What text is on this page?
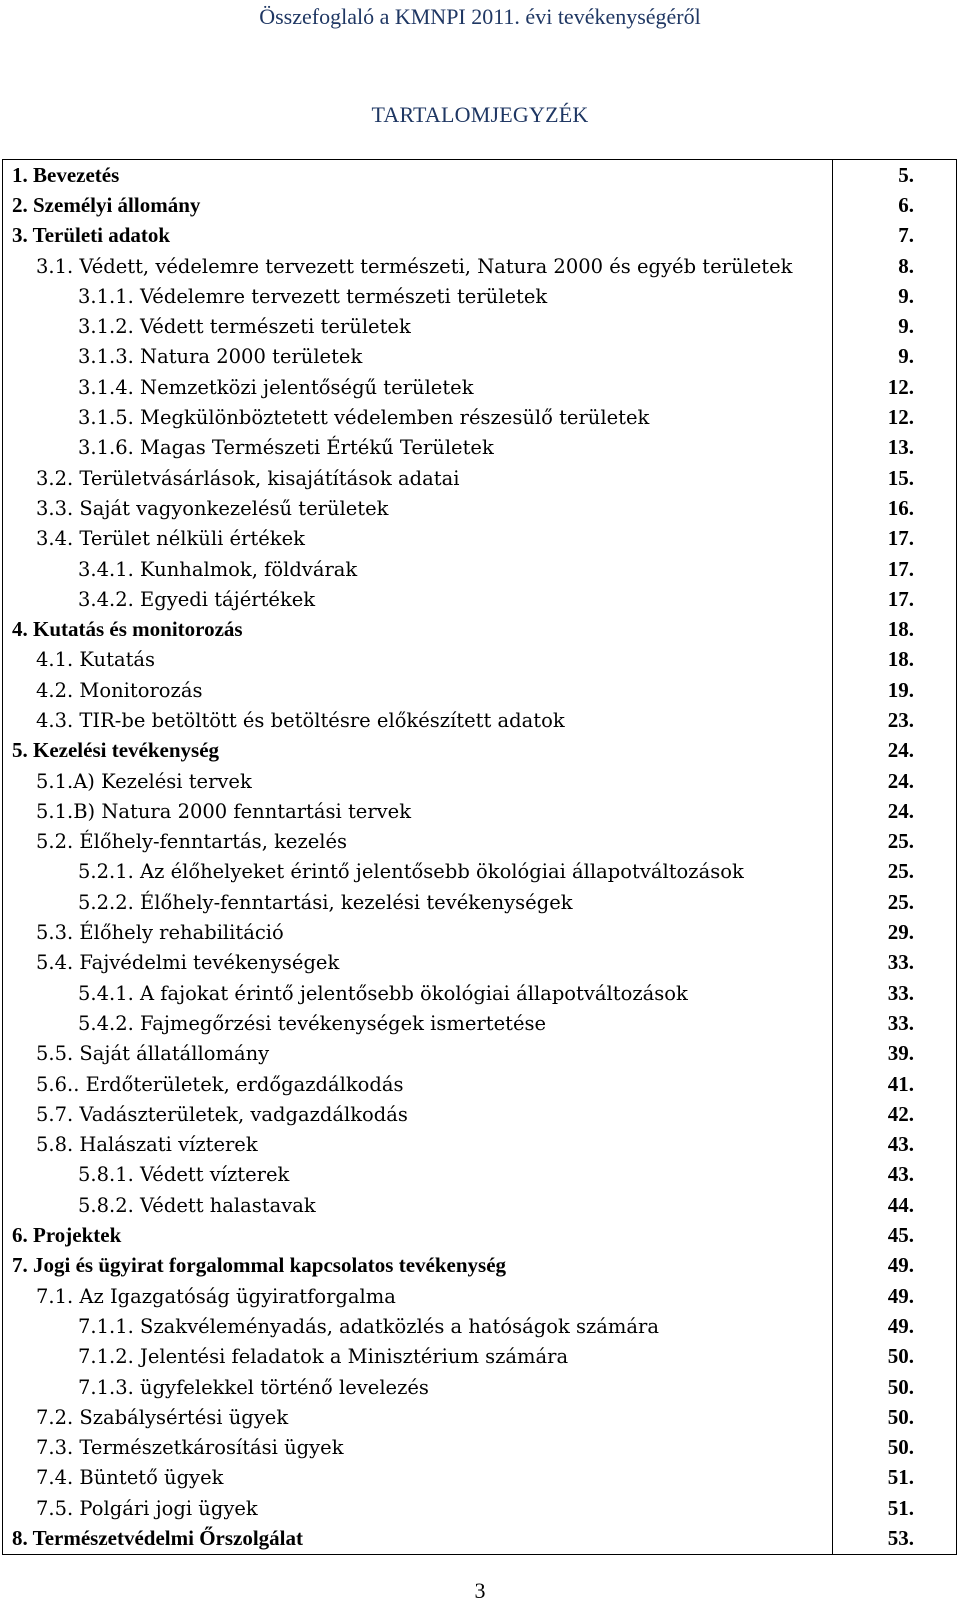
Összefoglaló a KMNPI 2011. évi tevékenységéről
TARTALOMJEGYZÉK
1. Bevezetés	5.
2. Személyi állomány	6.
3. Területi adatok	7.
3.1. Védett, védelemre tervezett természeti, Natura 2000 és egyéb területek	8.
3.1.1. Védelemre tervezett természeti területek	9.
3.1.2. Védett természeti területek	9.
3.1.3. Natura 2000 területek	9.
3.1.4. Nemzetközi jelentőségű területek	12.
3.1.5. Megkülönböztetett védelemben részesülő területek	12.
3.1.6. Magas Természeti Értékű Területek	13.
3.2. Területvásárlások, kisajátítások adatai	15.
3.3. Saját vagyonkezelésű területek	16.
3.4. Terület nélküli értékek	17.
3.4.1. Kunhalmok, földvárak	17.
3.4.2. Egyedi tájértékek	17.
4. Kutatás és monitorozás	18.
4.1. Kutatás	18.
4.2. Monitorozás	19.
4.3. TIR-be betöltött és betöltésre előkészített adatok	23.
5. Kezelési tevékenység	24.
5.1.A) Kezelési tervek	24.
5.1.B) Natura 2000 fenntartási tervek	24.
5.2. Élőhely-fenntartás, kezelés	25.
5.2.1. Az élőhelyeket érintő jelentősebb ökológiai állapotváltozások	25.
5.2.2. Élőhely-fenntartási, kezelési tevékenységek	25.
5.3. Élőhely rehabilitáció	29.
5.4. Fajvédelmi tevékenységek	33.
5.4.1. A fajokat érintő jelentősebb ökológiai állapotváltozások	33.
5.4.2. Fajmegőrzési tevékenységek ismertetése	33.
5.5. Saját állatállomány	39.
5.6.. Erdőterületek, erdőgazdálkodás	41.
5.7. Vadászterületek, vadgazdálkodás	42.
5.8. Halászati vízterek	43.
5.8.1. Védett vízterek	43.
5.8.2. Védett halastavak	44.
6. Projektek	45.
7. Jogi és ügyirat forgalommal kapcsolatos tevékenység	49.
7.1. Az Igazgatóság ügyiratforgalma	49.
7.1.1. Szakvéleményadás, adatközlés a hatóságok számára	49.
7.1.2. Jelentési feladatok a Minisztérium számára	50.
7.1.3. ügyfelekkel történő levelezés	50.
7.2. Szabálysértési ügyek	50.
7.3. Természetkárosítási ügyek	50.
7.4. Büntető ügyek	51.
7.5. Polgári jogi ügyek	51.
8. Természetvédelmi Őrszolgálat	53.
3
